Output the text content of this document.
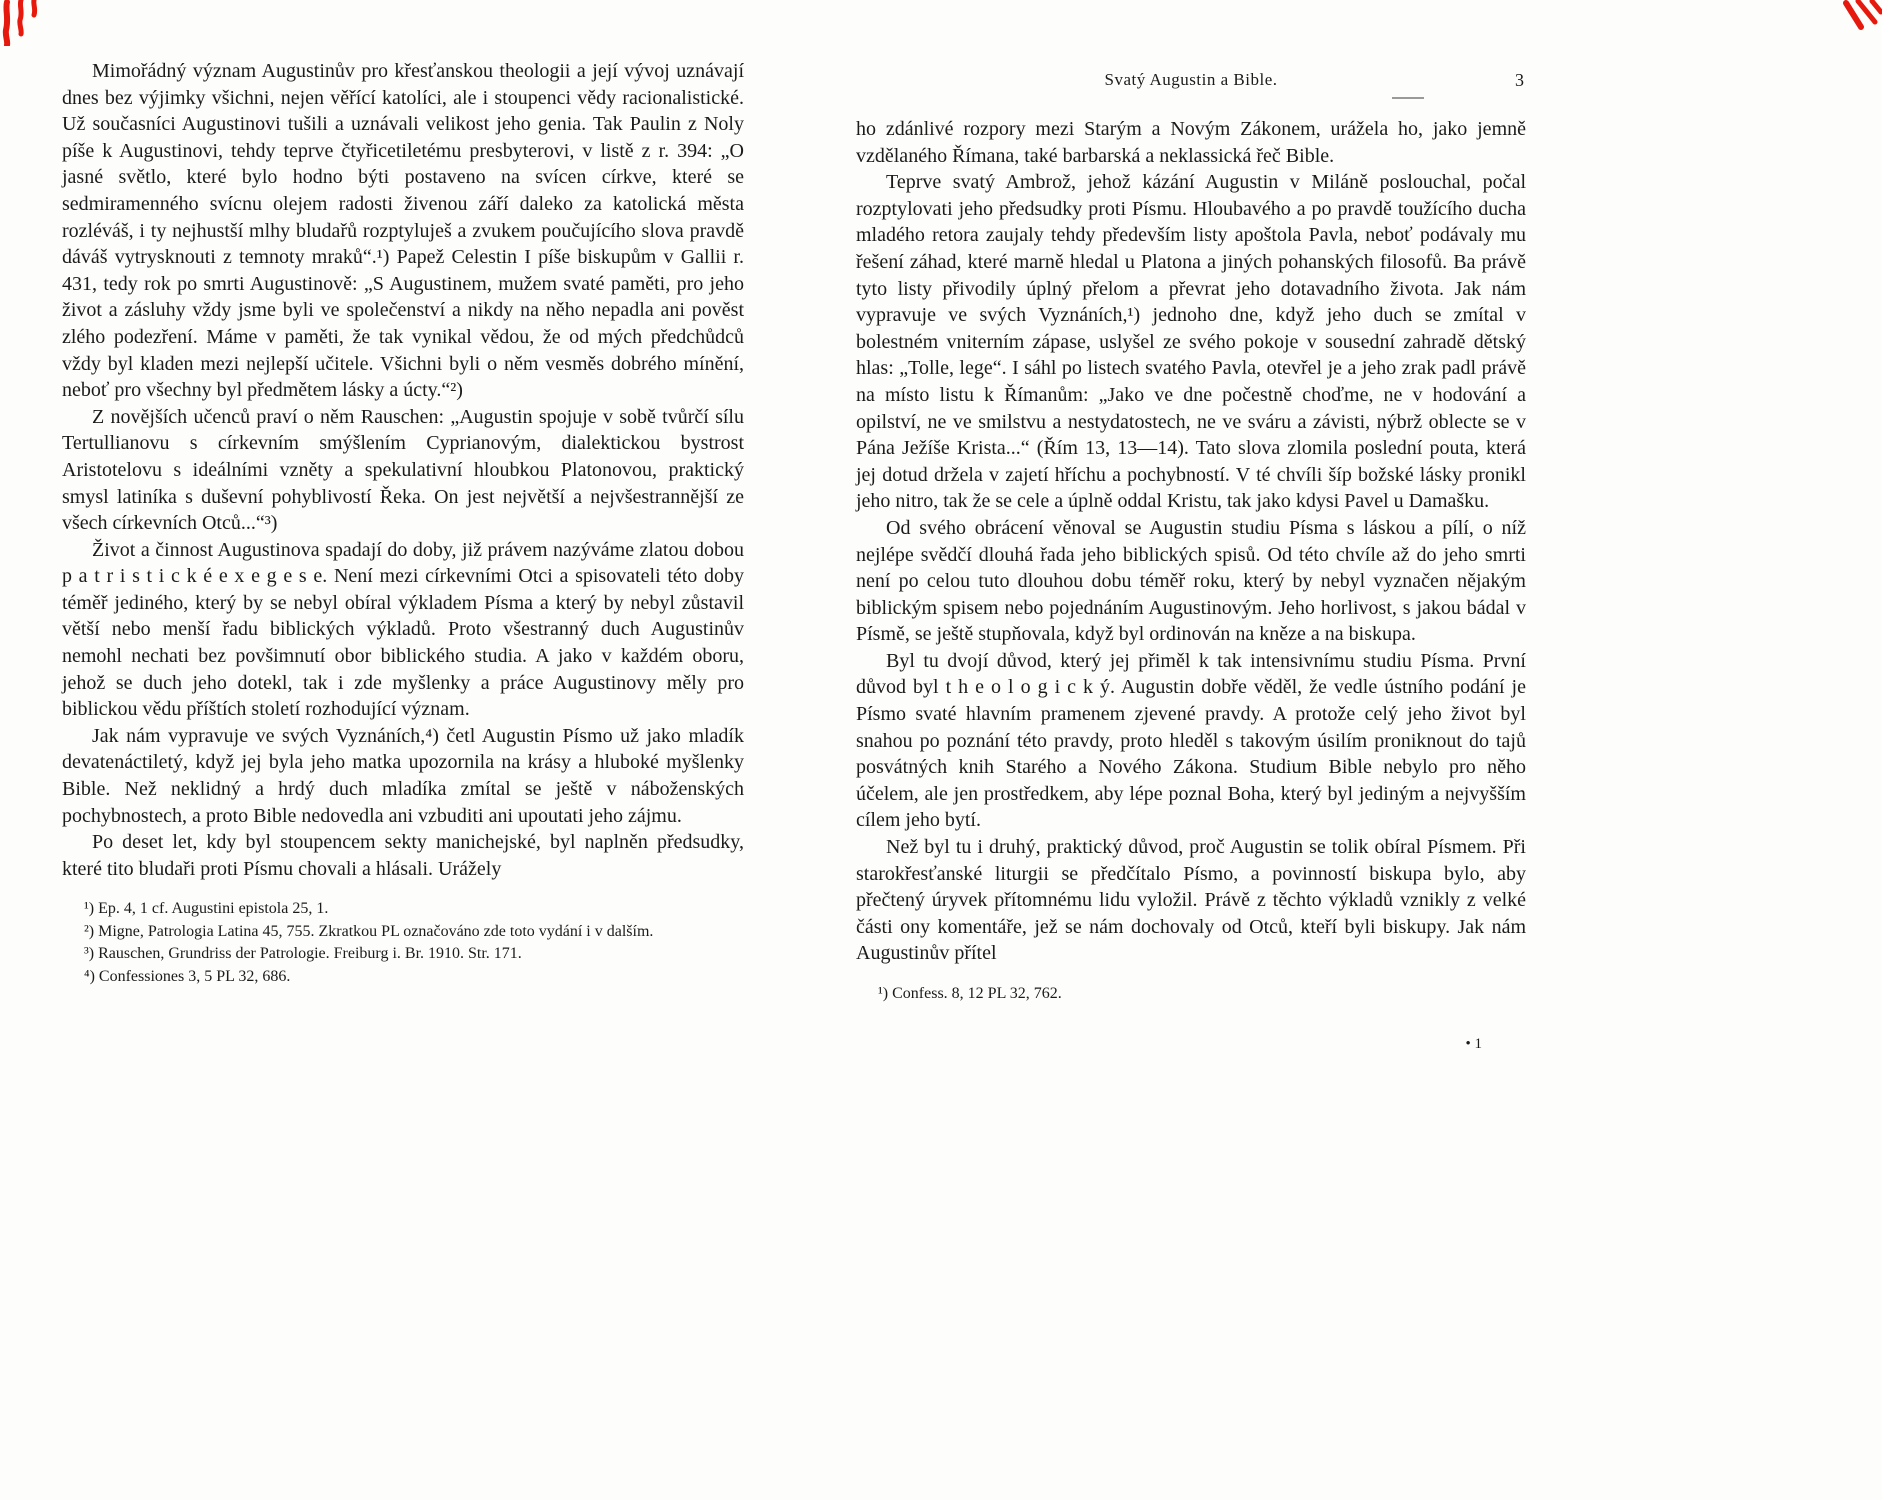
Mimořádný význam Augustinův pro křesťanskou theologii a její vývoj uznávají dnes bez výjimky všichni, nejen věřící katolíci, ale i stoupenci vědy racionalistické. Už současníci Augustinovi tušili a uznávali velikost jeho genia. Tak Paulin z Noly píše k Augustinovi, tehdy teprve čtyřicetiletému presbyterovi, v listě z r. 394: „O jasné světlo, které bylo hodno býti postaveno na svícen církve, které se sedmiramenného svícnu olejem radosti živenou září daleko za katolická města rozléváš, i ty nejhustší mlhy bludařů rozptyluješ a zvukem poučujícího slova pravdě dáváš vytrysknouti z temnoty mraků“.¹) Papež Celestin I píše biskupům v Gallii r. 431, tedy rok po smrti Augustinově: „S Augustinem, mužem svaté paměti, pro jeho život a zásluhy vždy jsme byli ve společenství a nikdy na něho nepadla ani pověst zlého podezření. Máme v paměti, že tak vynikal vědou, že od mých předchůdců vždy byl kladen mezi nejlepší učitele. Všichni byli o něm vesměs dobrého mínění, neboť pro všechny byl předmětem lásky a úcty.“²)

Z novějších učenců praví o něm Rauschen: „Augustin spojuje v sobě tvůrčí sílu Tertullianovu s církevním smýšlením Cyprianovým, dialektickou bystrost Aristotelovu s ideálními vzněty a spekulativní hloubkou Platonovou, praktický smysl latiníka s duševní pohyblivostí Řeka. On jest největší a nejvšestrannější ze všech církevních Otců...“³)

Život a činnost Augustinova spadají do doby, již právem nazýváme zlatou dobou p a t r i s t i c k é e x e g e s e. Není mezi církevními Otci a spisovateli této doby téměř jediného, který by se nebyl obíral výkladem Písma a který by nebyl zůstavil větší nebo menší řadu biblických výkladů. Proto všestranný duch Augustinův nemohl nechati bez povšimnutí obor biblického studia. A jako v každém oboru, jehož se duch jeho dotekl, tak i zde myšlenky a práce Augustinovy měly pro biblickou vědu příštích století rozhodující význam.

Jak nám vypravuje ve svých Vyznáních,⁴) četl Augustin Písmo už jako mladík devatenáctiletý, když jej byla jeho matka upozornila na krásy a hluboké myšlenky Bible. Než neklidný a hrdý duch mladíka zmítal se ještě v náboženských pochybnostech, a proto Bible nedovedla ani vzbuditi ani upoutati jeho zájmu.

Po deset let, kdy byl stoupencem sekty manichejské, byl naplněn předsudky, které tito bludaři proti Písmu chovali a hlásali. Urážely

¹) Ep. 4, 1 cf. Augustini epistola 25, 1.

²) Migne, Patrologia Latina 45, 755. Zkratkou PL označováno zde toto vydání i v dalším.

³) Rauschen, Grundriss der Patrologie. Freiburg i. Br. 1910. Str. 171.

⁴) Confessiones 3, 5 PL 32, 686.

Svatý Augustin a Bible.	3

ho zdánlivé rozpory mezi Starým a Novým Zákonem, urážela ho, jako jemně vzdělaného Římana, také barbarská a neklassická řeč Bible.

Teprve svatý Ambrož, jehož kázání Augustin v Miláně poslouchal, počal rozptylovati jeho předsudky proti Písmu. Hloubavého a po pravdě toužícího ducha mladého retora zaujaly tehdy především listy apoštola Pavla, neboť podávaly mu řešení záhad, které marně hledal u Platona a jiných pohanských filosofů. Ba právě tyto listy přivodily úplný přelom a převrat jeho dotavadního života. Jak nám vypravuje ve svých Vyznáních,¹) jednoho dne, když jeho duch se zmítal v bolestném vniterním zápase, uslyšel ze svého pokoje v sousední zahradě dětský hlas: „Tolle, lege“. I sáhl po listech svatého Pavla, otevřel je a jeho zrak padl právě na místo listu k Římanům: „Jako ve dne počestně choďme, ne v hodování a opilství, ne ve smilstvu a nestydatostech, ne ve sváru a závisti, nýbrž oblecte se v Pána Ježíše Krista...“ (Řím 13, 13—14). Tato slova zlomila poslední pouta, která jej dotud držela v zajetí hříchu a pochybností. V té chvíli šíp božské lásky pronikl jeho nitro, tak že se cele a úplně oddal Kristu, tak jako kdysi Pavel u Damašku.

Od svého obrácení věnoval se Augustin studiu Písma s láskou a pílí, o níž nejlépe svědčí dlouhá řada jeho biblických spisů. Od této chvíle až do jeho smrti není po celou tuto dlouhou dobu téměř roku, který by nebyl vyznačen nějakým biblickým spisem nebo pojednáním Augustinovým. Jeho horlivost, s jakou bádal v Písmě, se ještě stupňovala, když byl ordinován na kněze a na biskupa.

Byl tu dvojí důvod, který jej přiměl k tak intensivnímu studiu Písma. První důvod byl t h e o l o g i c k ý. Augustin dobře věděl, že vedle ústního podání je Písmo svaté hlavním pramenem zjevené pravdy. A protože celý jeho život byl snahou po poznání této pravdy, proto hleděl s takovým úsilím proniknout do tajů posvátných knih Starého a Nového Zákona. Studium Bible nebylo pro něho účelem, ale jen prostředkem, aby lépe poznal Boha, který byl jediným a nejvyšším cílem jeho bytí.

Než byl tu i druhý, praktický důvod, proč Augustin se tolik obíral Písmem. Při starokřesťanské liturgii se předčítalo Písmo, a povinností biskupa bylo, aby přečtený úryvek přítomnému lidu vyložil. Právě z těchto výkladů vznikly z velké části ony komentáře, jež se nám dochovaly od Otců, kteří byli biskupy. Jak nám Augustinův přítel

¹) Confess. 8, 12 PL 32, 762.

• 1
